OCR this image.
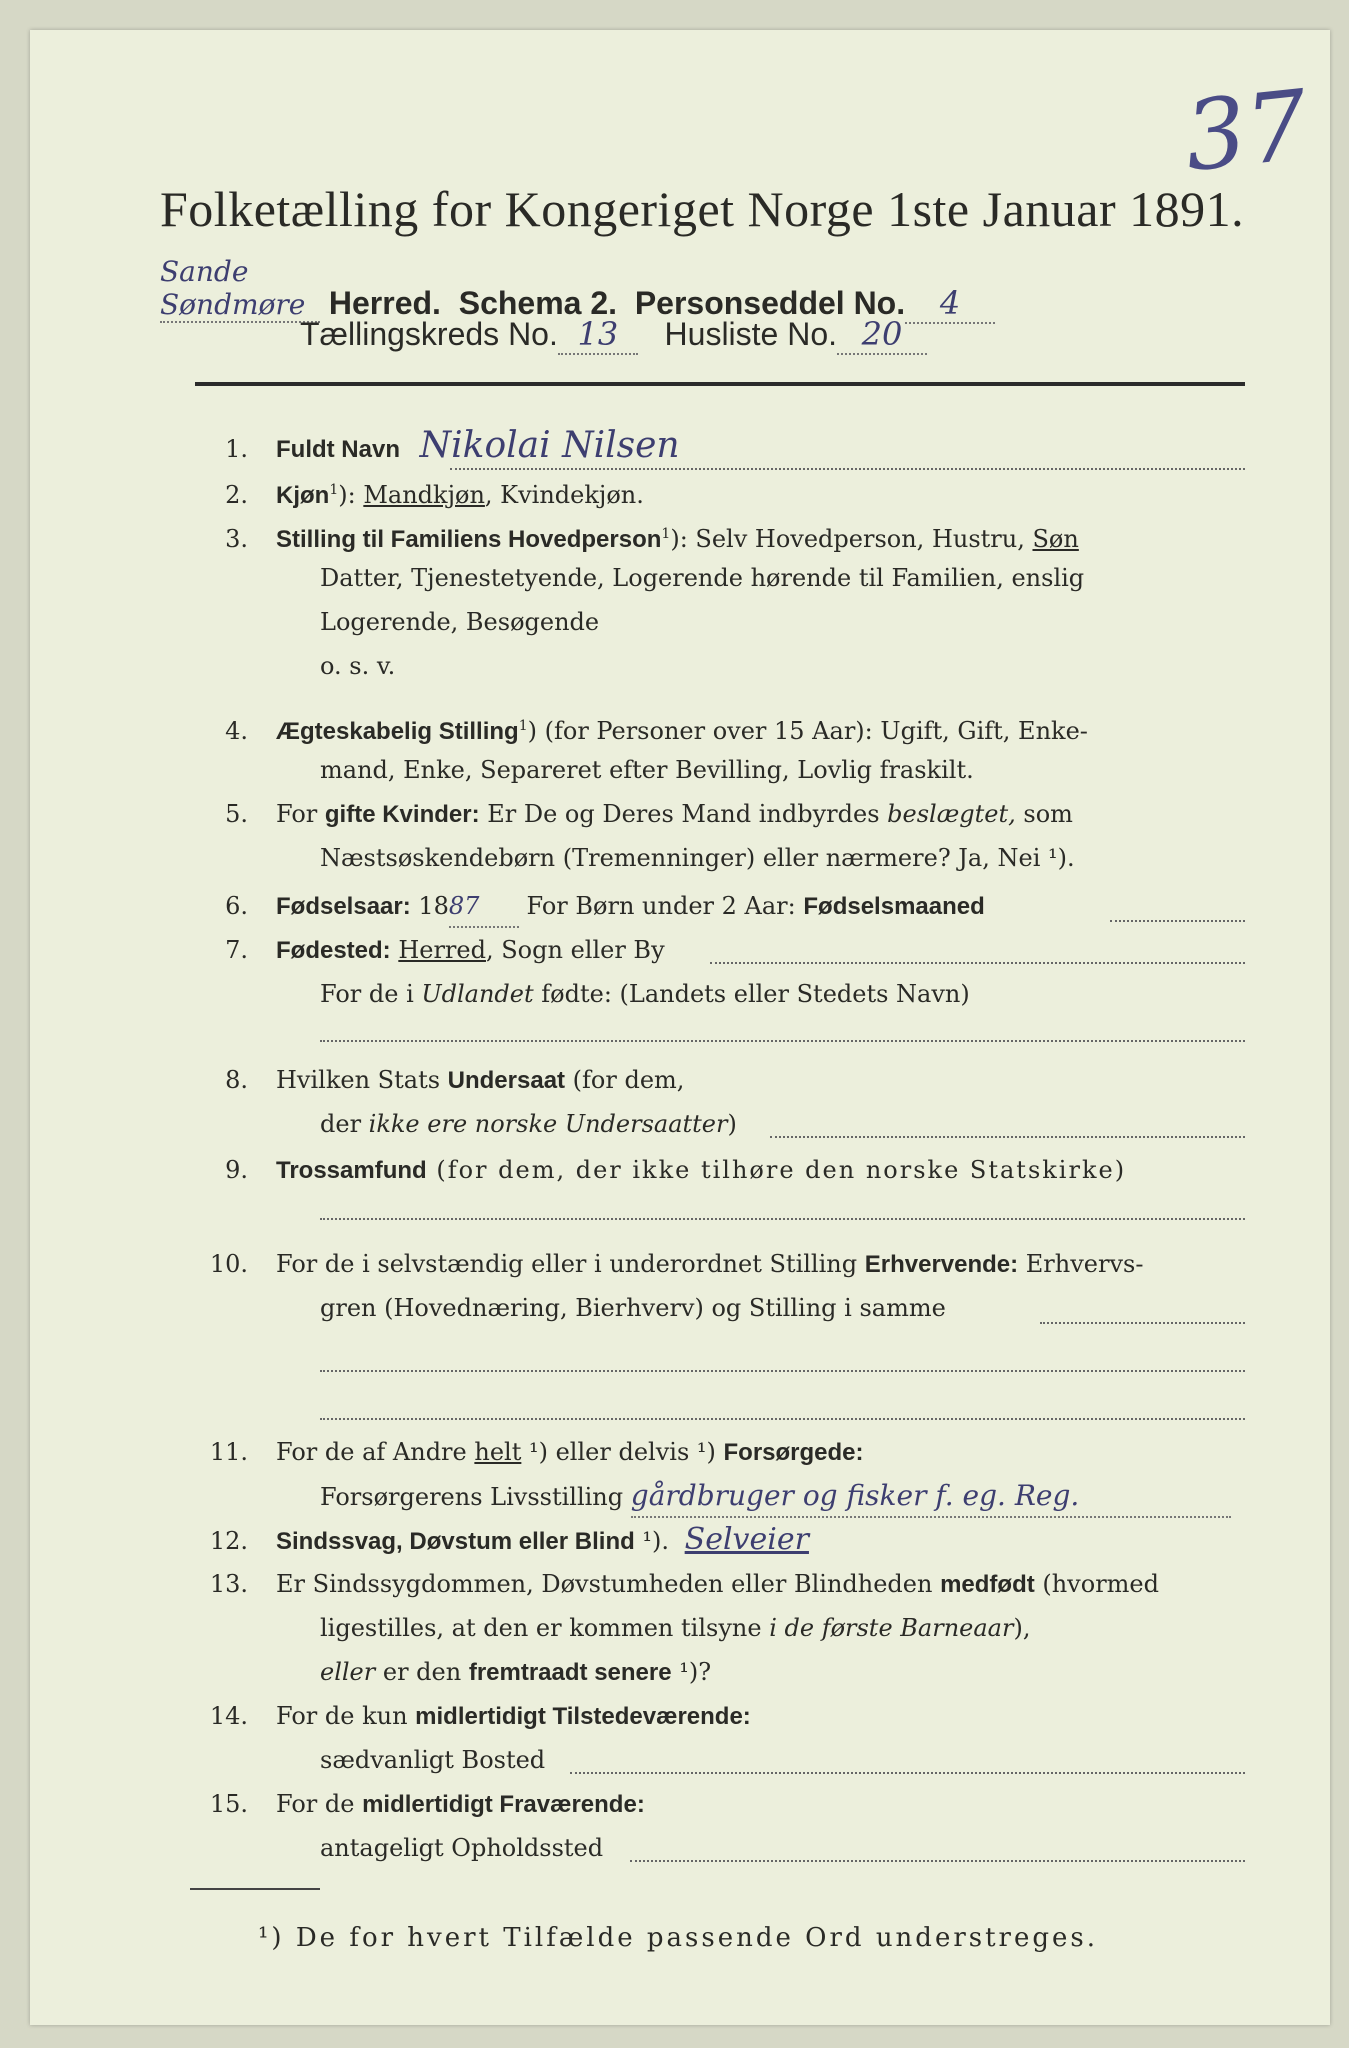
37
Folketælling for Kongeriget Norge 1ste Januar 1891.
Sande Søndmøre Herred. Schema 2. Personseddel No. 4
Tællingskreds No. 13 Husliste No. 20
1. Fuldt Navn Nikolai Nilsen
2. Kjøn$^1$): Mandkjøn, Kvindekjøn.
3. Stilling til Familiens Hovedperson$^1$): Selv Hovedperson, Hustru, Søn
Datter, Tjenestetyende, Logerende hørende til Familien, enslig
Logerende, Besøgende
o. s. v.
4. Ægteskabelig Stilling$^1$) (for Personer over 15 Aar): Ugift, Gift, Enke-
mand, Enke, Separeret efter Bevilling, Lovlig fraskilt.
5. For gifte Kvinder: Er De og Deres Mand indbyrdes beslægtet, som
Næstsøskendebørn (Tremenninger) eller nærmere? Ja, Nei ¹).
6. Fødselsaar: 1887 For Børn under 2 Aar: Fødselsmaaned
7. Fødested: Herred, Sogn eller By
For de i Udlandet fødte: (Landets eller Stedets Navn)
8. Hvilken Stats Undersaat (for dem,
der ikke ere norske Undersaatter)
9. Trossamfund (for dem, der ikke tilhøre den norske Statskirke)
10. For de i selvstændig eller i underordnet Stilling Erhvervende: Erhvervs-
gren (Hovednæring, Bierhverv) og Stilling i samme
11. For de af Andre helt ¹) eller delvis ¹) Forsørgede:
Forsørgerens Livsstilling gårdbruger og fisker f. eg. Reg.
12. Sindssvag, Døvstum eller Blind ¹). Selveier
13. Er Sindssygdommen, Døvstumheden eller Blindheden medfødt (hvormed
ligestilles, at den er kommen tilsyne i de første Barneaar),
eller er den fremtraadt senere ¹)?
14. For de kun midlertidigt Tilstedeværende:
sædvanligt Bosted
15. For de midlertidigt Fraværende:
antageligt Opholdssted
¹) De for hvert Tilfælde passende Ord understreges.
